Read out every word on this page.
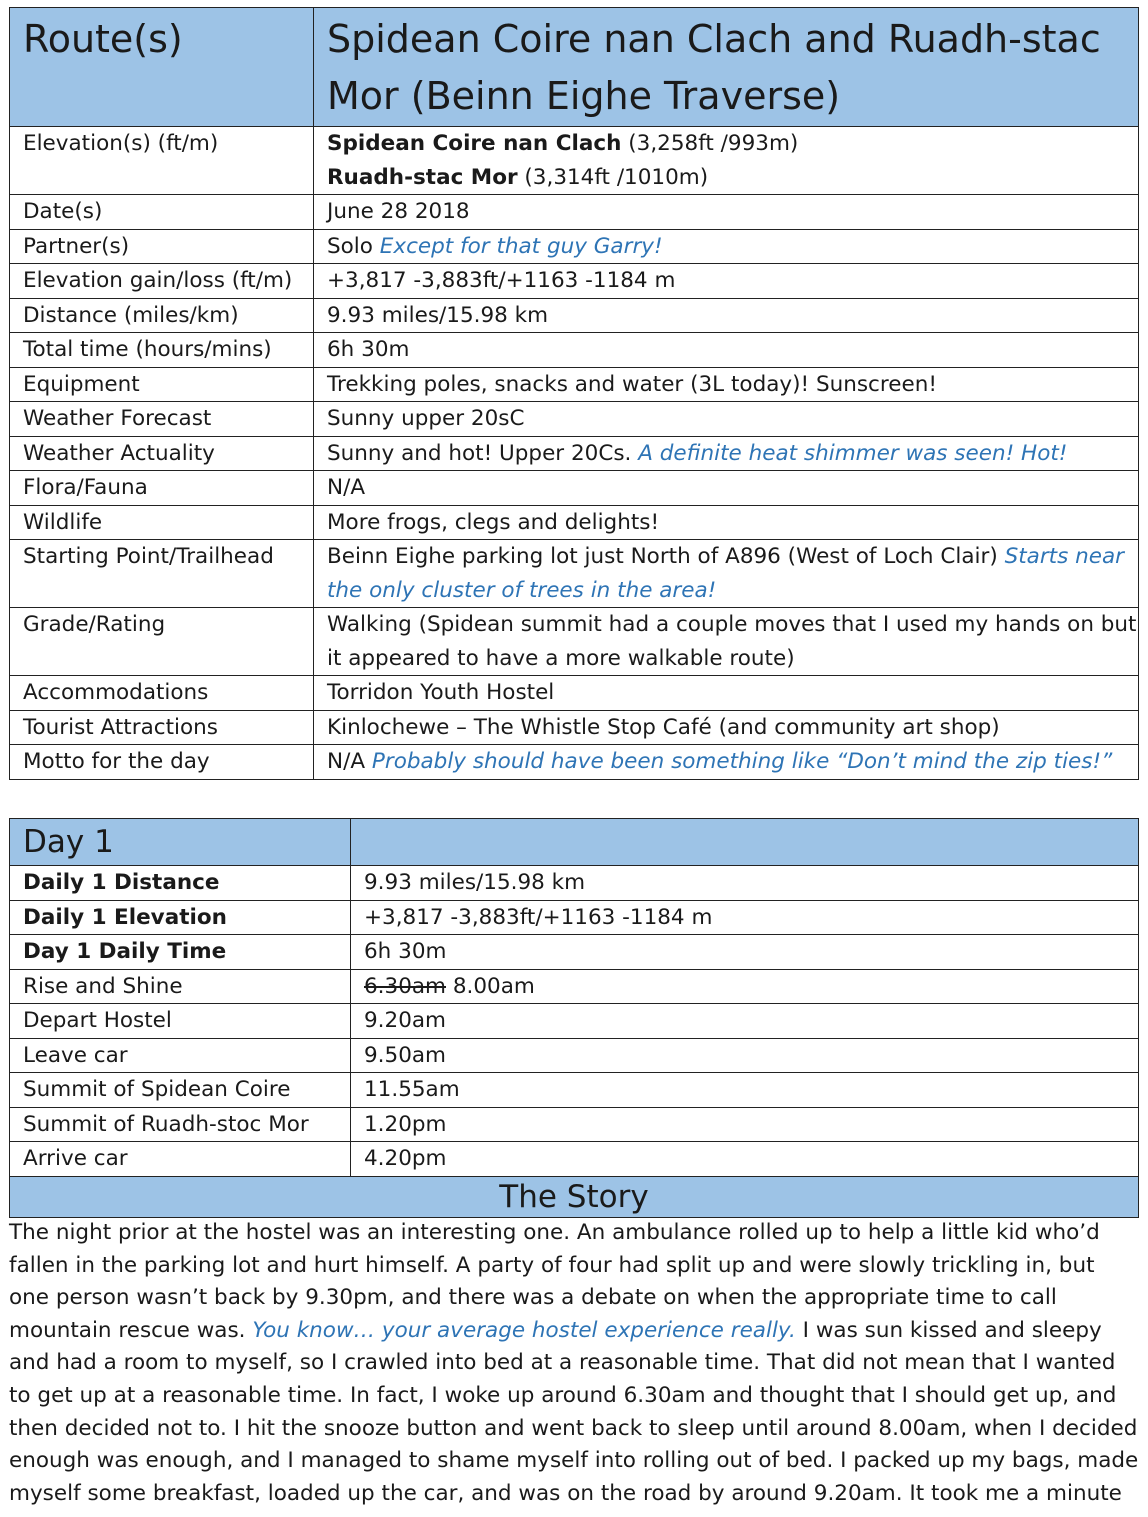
Route(s)	Spidean Coire nan Clach and Ruadh-stac Mor (Beinn Eighe Traverse)
Elevation(s) (ft/m)	Spidean Coire nan Clach (3,258ft /993m)
Ruadh-stac Mor (3,314ft /1010m)
Date(s)	June 28 2018
Partner(s)	Solo Except for that guy Garry!
Elevation gain/loss (ft/m)	+3,817 -3,883ft/+1163 -1184 m
Distance (miles/km)	9.93 miles/15.98 km
Total time (hours/mins)	6h 30m
Equipment	Trekking poles, snacks and water (3L today)! Sunscreen!
Weather Forecast	Sunny upper 20sC
Weather Actuality	Sunny and hot! Upper 20Cs. A definite heat shimmer was seen! Hot!
Flora/Fauna	N/A
Wildlife	More frogs, clegs and delights!
Starting Point/Trailhead	Beinn Eighe parking lot just North of A896 (West of Loch Clair) Starts near the only cluster of trees in the area!
Grade/Rating	Walking (Spidean summit had a couple moves that I used my hands on but it appeared to have a more walkable route)
Accommodations	Torridon Youth Hostel
Tourist Attractions	Kinlochewe – The Whistle Stop Café (and community art shop)
Motto for the day	N/A Probably should have been something like “Don’t mind the zip ties!”
Day 1	
Daily 1 Distance	9.93 miles/15.98 km
Daily 1 Elevation	+3,817 -3,883ft/+1163 -1184 m
Day 1 Daily Time	6h 30m
Rise and Shine	6.30am 8.00am
Depart Hostel	9.20am
Leave car	9.50am
Summit of Spidean Coire	11.55am
Summit of Ruadh-stoc Mor	1.20pm
Arrive car	4.20pm
The Story	

The night prior at the hostel was an interesting one. An ambulance rolled up to help a little kid who’d fallen in the parking lot and hurt himself. A party of four had split up and were slowly trickling in, but one person wasn’t back by 9.30pm, and there was a debate on when the appropriate time to call mountain rescue was. You know… your average hostel experience really. I was sun kissed and sleepy and had a room to myself, so I crawled into bed at a reasonable time. That did not mean that I wanted to get up at a reasonable time. In fact, I woke up around 6.30am and thought that I should get up, and then decided not to. I hit the snooze button and went back to sleep until around 8.00am, when I decided enough was enough, and I managed to shame myself into rolling out of bed. I packed up my bags, made myself some breakfast, loaded up the car, and was on the road by around 9.20am. It took me a minute
